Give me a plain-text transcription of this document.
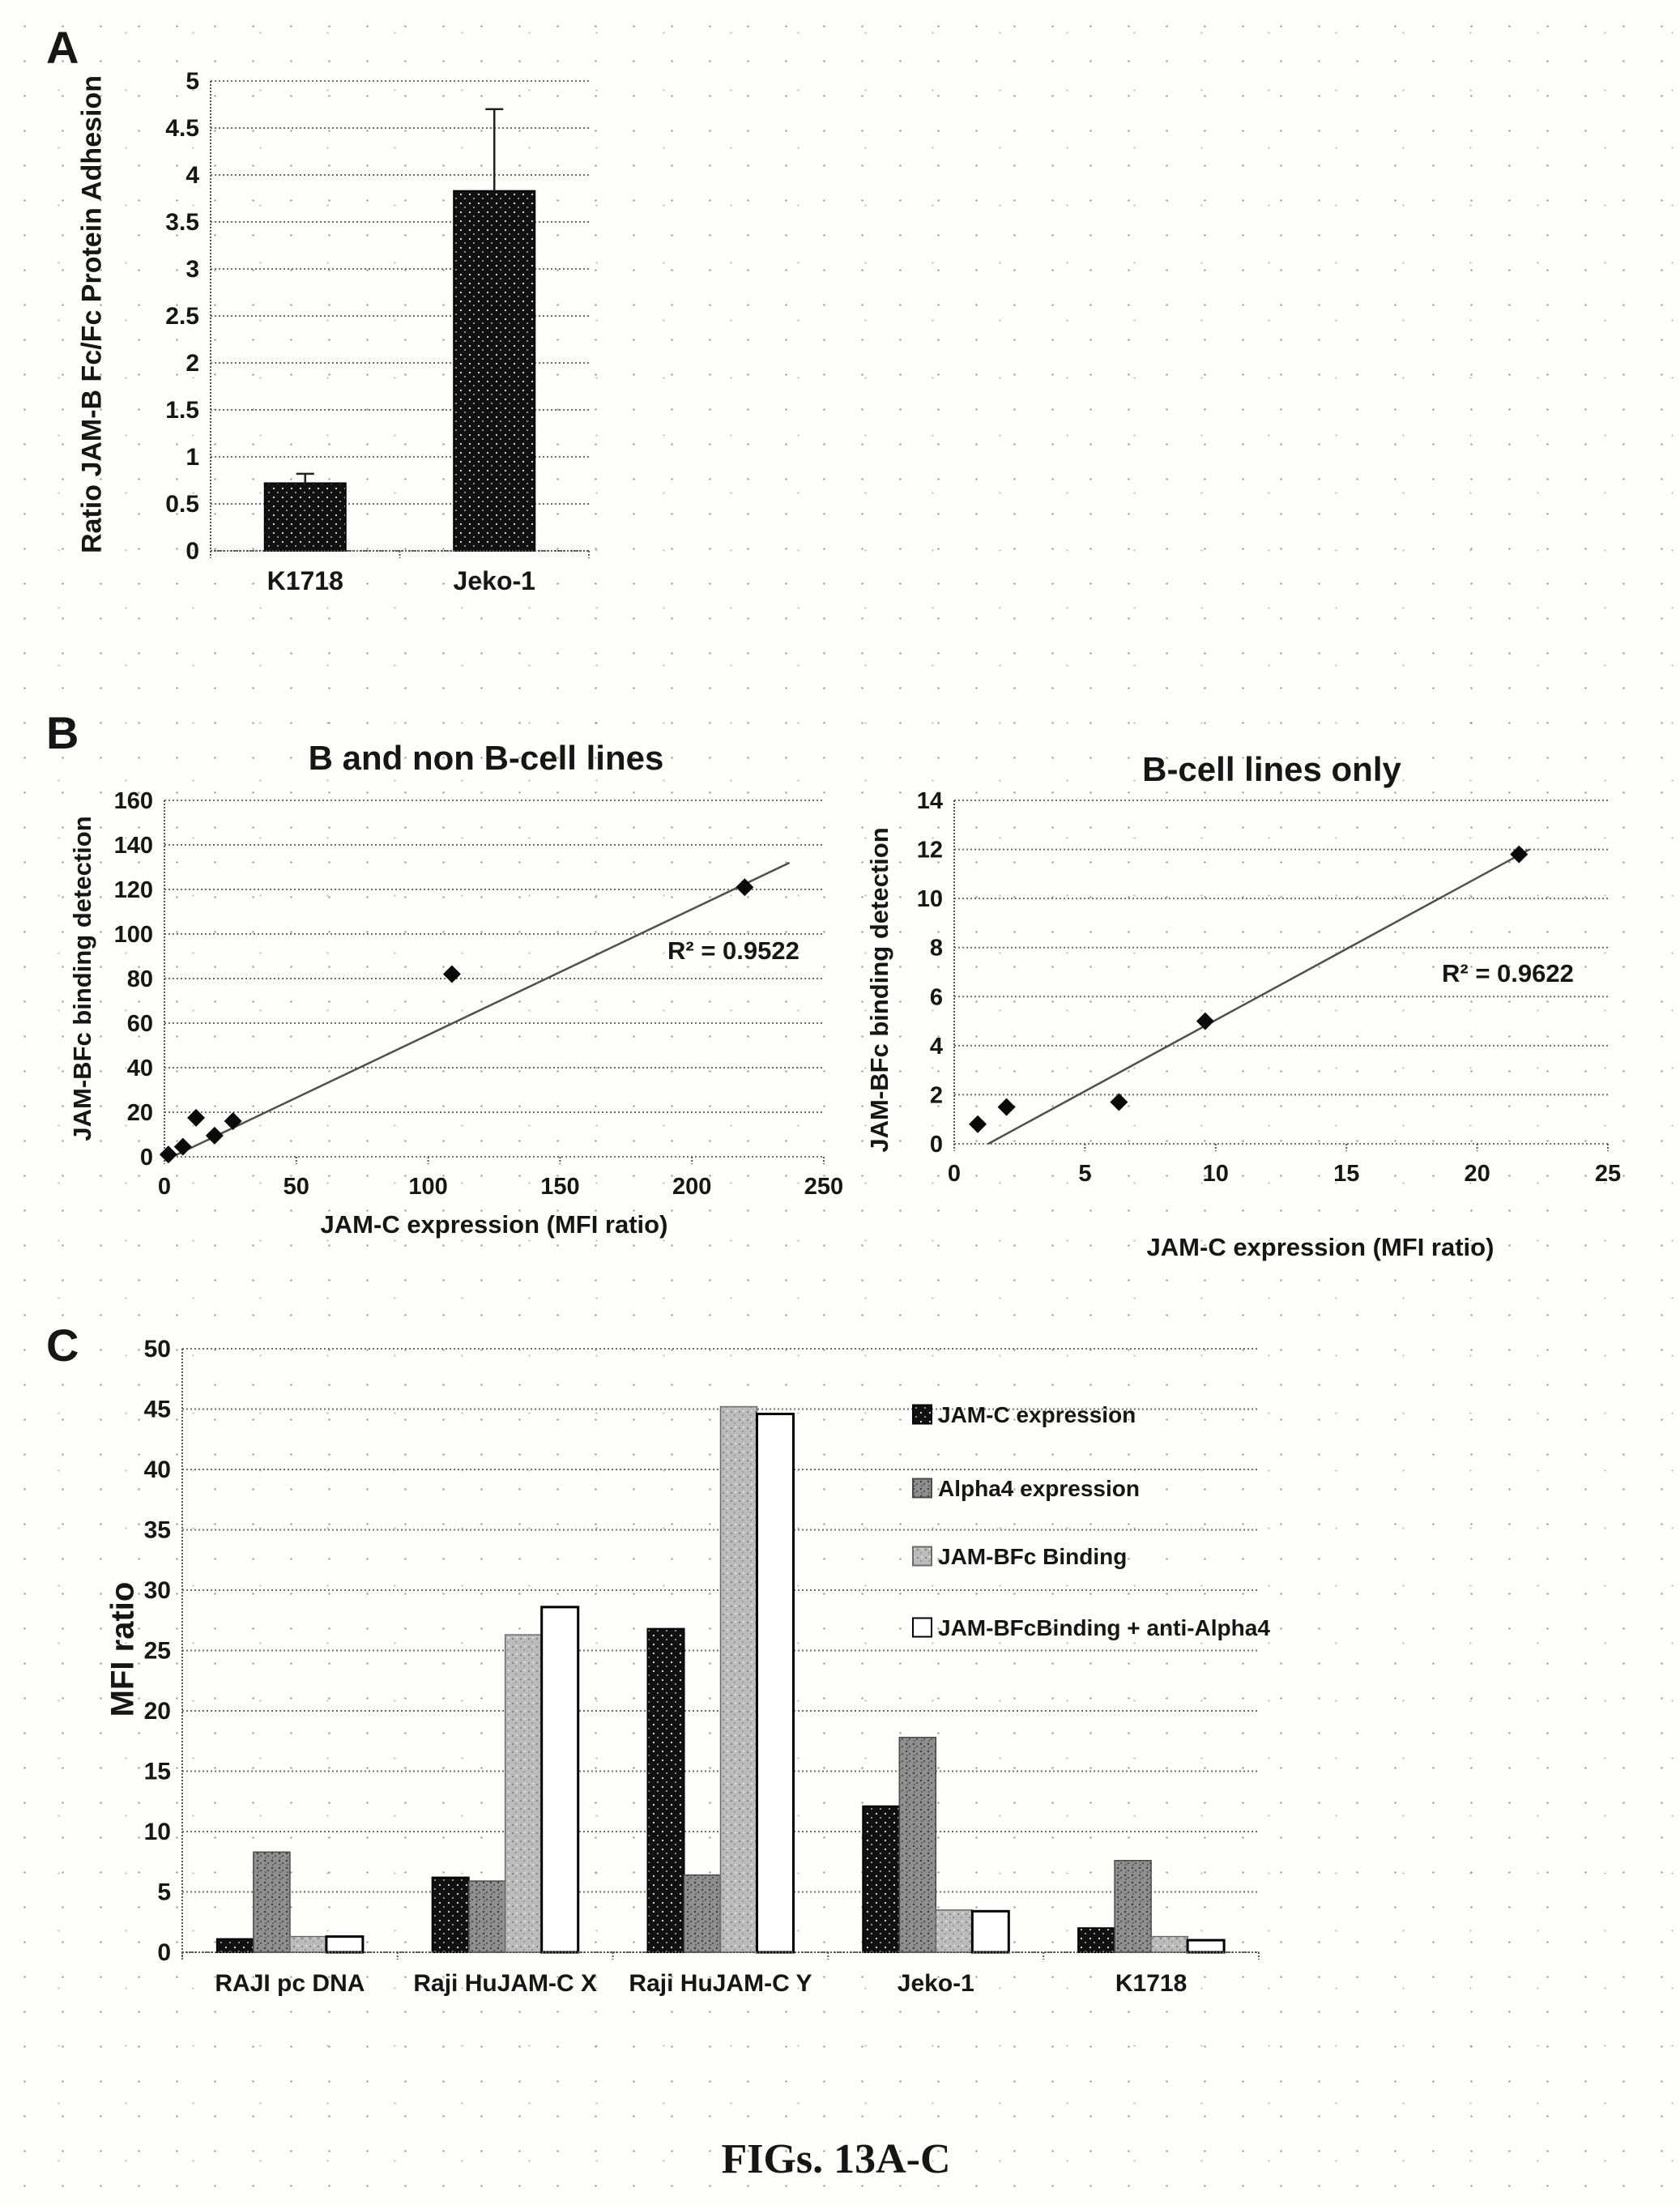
A
Ratio JAM-B Fc/Fc Protein Adhesion	0
0.5
1
1.5
2
2.5
3
3.5
4
4.5
5
K1718	Jeko-1
B	B and non B-cell lines
JAM-BFc binding detection
0
20
40
60
80
100
120
140
160
0	50	100	150	200	250
R² = 0.9522
JAM-C expression (MFI ratio)
B-cell lines only
JAM-BFc binding detection 0
2
4
6
8
10
12
14
0	5	10	15	20	25
R² = 0.9622
JAM-C expression (MFI ratio)
C
MFI ratio
0
5
10
15
20
25
30
35
40
45
50
RAJI pc DNA Raji HuJAM-C X Raji HuJAM-C Y	Jeko-1	K1718
JAM-C expression
Alpha4 expression
JAM-BFc Binding
JAM-BFcBinding + anti-Alpha4
FIGs. 13A-C
